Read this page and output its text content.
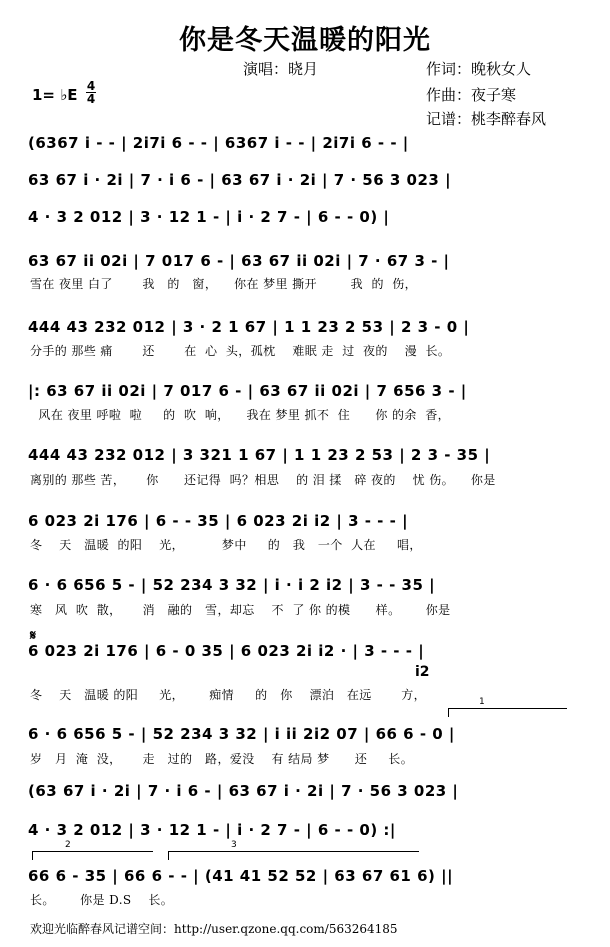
你是冬天温暖的阳光
演唱：晓月	作词：晚秋女人
作曲：夜子寒
记谱：桃李醉春风
1= ♭E 4
4
(6367 i - - | 2i7i 6 - - | 6367 i - - | 2i7i 6 - - |
63 67 i · 2i | 7 · i 6 - | 63 67 i · 2i | 7 · 56 3 023 |
4 · 3 2 012 | 3 · 12 1 - | i · 2 7 - | 6 - - 0) |
63 67 ii 02i | 7 017 6 - | 63 67 ii 02i | 7 · 67 3 - |
雪在 夜里 白了       我   的   窗，    你在 梦里 撕开        我  的  伤，
444 43 232 012 | 3 · 2 1 67 | 1 1 23 2 53 | 2 3 - 0 |
分手的 那些 痛       还       在  心  头，孤枕    难眠 走  过  夜的    漫  长。
|: 63 67 ii 02i | 7 017 6 - | 63 67 ii 02i | 7 656 3 - |
风在 夜里 呼啦  啦     的  吹  响，    我在 梦里 抓不  住      你 的余  香，
444 43 232 012 | 3 321 1 67 | 1 1 23 2 53 | 2 3 - 35 |
离别的 那些 苦，     你      还记得  吗？相思    的 泪 揉   碎 夜的    忧 伤。    你是
6 023 2i 176 | 6 - - 35 | 6 023 2i i2 | 3 - - - |
冬    天   温暖  的阳    光，         梦中     的   我   一个  人在     唱，
6 · 6 656 5 - | 52 234 3 32 | i · i 2 i2 | 3 - - 35 |
寒   风  吹  散，     消   融的   雪，却忘    不  了 你 的模      样。      你是
𝄋
6 023 2i 176 | 6 - 0 35 | 6 023 2i i2 · | 3 - - - |
i2
冬    天   温暖 的阳     光，      痴情     的   你    漂泊   在远       方，	1
6 · 6 656 5 - | 52 234 3 32 | i ii 2i2 07 | 66 6 - 0 |
岁   月  淹  没，     走   过的   路，爱没    有 结局 梦      还     长。
(63 67 i · 2i | 7 · i 6 - | 63 67 i · 2i | 7 · 56 3 023 |
4 · 3 2 012 | 3 · 12 1 - | i · 2 7 - | 6 - - 0) :|
2	3
66 6 - 35 | 66 6 - - | (41 41 52 52 | 63 67 61 6) ||
长。      你是 D.S    长。
欢迎光临醉春风记谱空间：http://user.qzone.qq.com/563264185
